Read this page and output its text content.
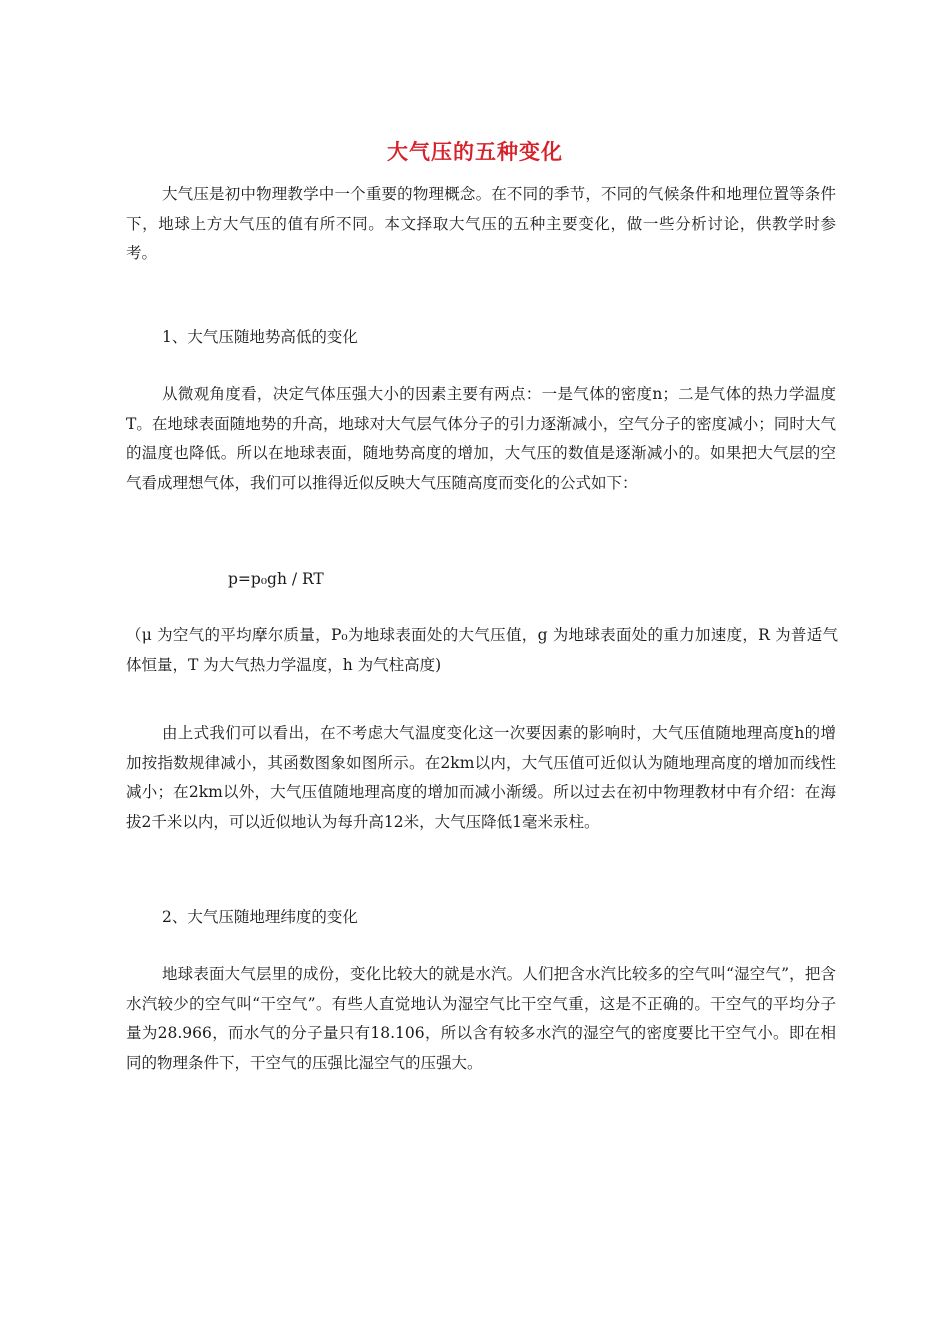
大气压的五种变化

大气压是初中物理教学中一个重要的物理概念。在不同的季节，不同的气候条件和地理位置等条件下，地球上方大气压的值有所不同。本文择取大气压的五种主要变化，做一些分析讨论，供教学时参考。

1、大气压随地势高低的变化

从微观角度看，决定气体压强大小的因素主要有两点：一是气体的密度n；二是气体的热力学温度T。在地球表面随地势的升高，地球对大气层气体分子的引力逐渐减小，空气分子的密度减小；同时大气的温度也降低。所以在地球表面，随地势高度的增加，大气压的数值是逐渐减小的。如果把大气层的空气看成理想气体，我们可以推得近似反映大气压随高度而变化的公式如下：

p=p₀gh / RT

（μ 为空气的平均摩尔质量，P₀为地球表面处的大气压值，g 为地球表面处的重力加速度，R 为普适气体恒量，T 为大气热力学温度，h 为气柱高度)

由上式我们可以看出，在不考虑大气温度变化这一次要因素的影响时，大气压值随地理高度h的增加按指数规律减小，其函数图象如图所示。在2km以内，大气压值可近似认为随地理高度的增加而线性减小；在2km以外，大气压值随地理高度的增加而减小渐缓。所以过去在初中物理教材中有介绍：在海拔2千米以内，可以近似地认为每升高12米，大气压降低1毫米汞柱。

2、大气压随地理纬度的变化

地球表面大气层里的成份，变化比较大的就是水汽。人们把含水汽比较多的空气叫“湿空气”，把含水汽较少的空气叫“干空气”。有些人直觉地认为湿空气比干空气重，这是不正确的。干空气的平均分子量为28.966，而水气的分子量只有18.106，所以含有较多水汽的湿空气的密度要比干空气小。即在相同的物理条件下，干空气的压强比湿空气的压强大。
